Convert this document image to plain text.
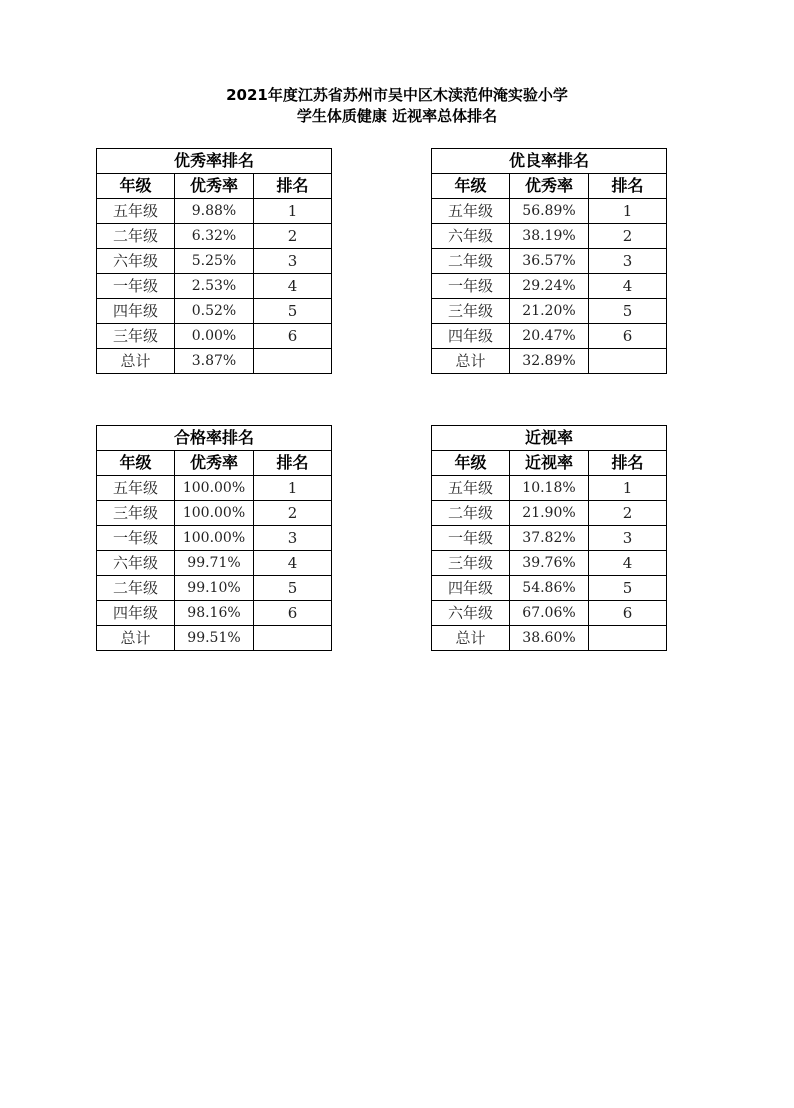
2021年度江苏省苏州市吴中区木渎范仲淹实验小学
学生体质健康 近视率总体排名
优秀率排名		
年级	优秀率	排名
五年级	9.88%	1
二年级	6.32%	2
六年级	5.25%	3
一年级	2.53%	4
四年级	0.52%	5
三年级	0.00%	6
总计	3.87%	
优良率排名		
年级	优秀率	排名
五年级	56.89%	1
六年级	38.19%	2
二年级	36.57%	3
一年级	29.24%	4
三年级	21.20%	5
四年级	20.47%	6
总计	32.89%	
合格率排名		
年级	优秀率	排名
五年级	100.00%	1
三年级	100.00%	2
一年级	100.00%	3
六年级	99.71%	4
二年级	99.10%	5
四年级	98.16%	6
总计	99.51%	
近视率		
年级	近视率	排名
五年级	10.18%	1
二年级	21.90%	2
一年级	37.82%	3
三年级	39.76%	4
四年级	54.86%	5
六年级	67.06%	6
总计	38.60%	
